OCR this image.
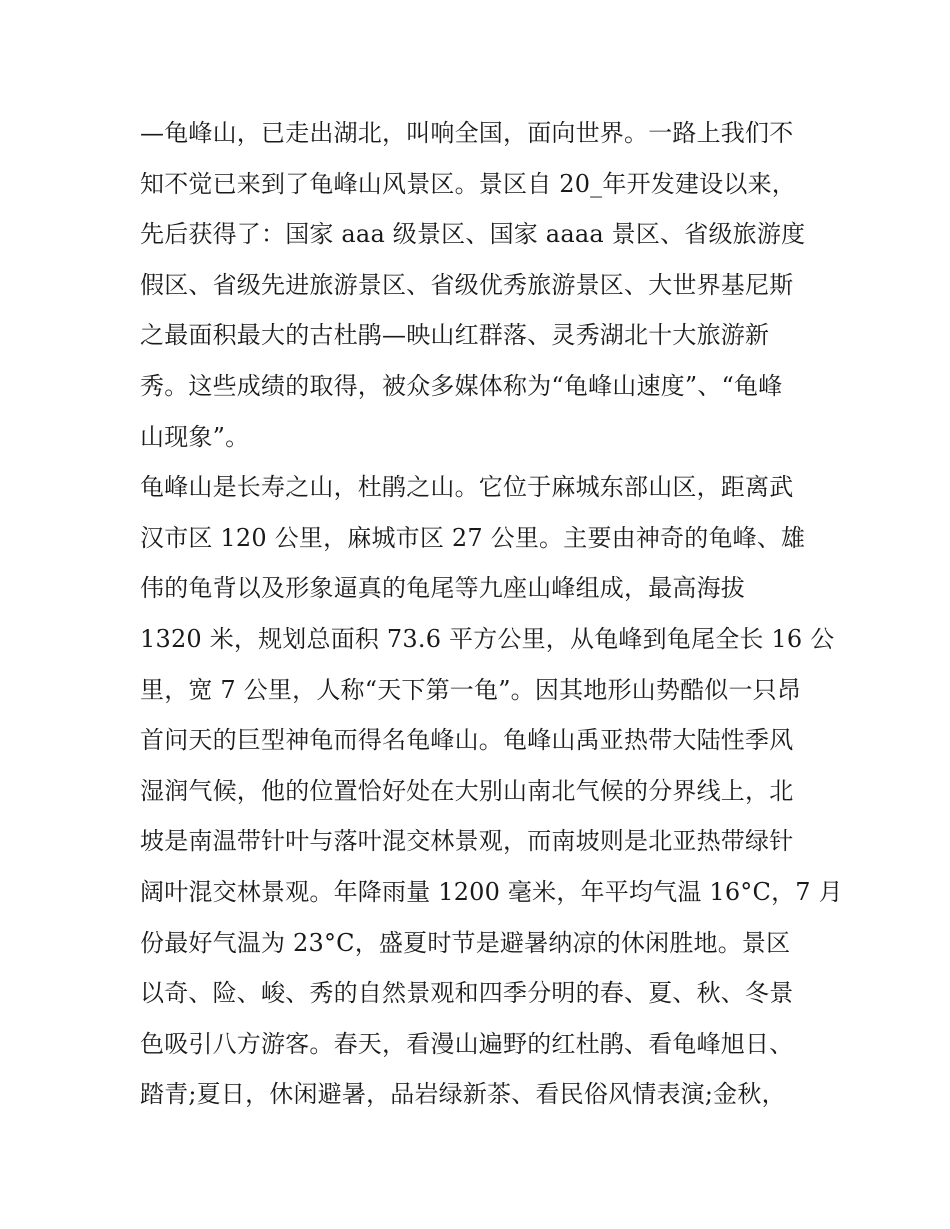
—龟峰山，已走出湖北，叫响全国，面向世界。一路上我们不
知不觉已来到了龟峰山风景区。景区自 20_年开发建设以来，
先后获得了：国家 aaa 级景区、国家 aaaa 景区、省级旅游度
假区、省级先进旅游景区、省级优秀旅游景区、大世界基尼斯
之最面积最大的古杜鹃—映山红群落、灵秀湖北十大旅游新
秀。这些成绩的取得，被众多媒体称为“龟峰山速度”、“龟峰
山现象”。
龟峰山是长寿之山，杜鹃之山。它位于麻城东部山区，距离武
汉市区 120 公里，麻城市区 27 公里。主要由神奇的龟峰、雄
伟的龟背以及形象逼真的龟尾等九座山峰组成，最高海拔
1320 米，规划总面积 73.6 平方公里，从龟峰到龟尾全长 16 公
里，宽 7 公里，人称“天下第一龟”。因其地形山势酷似一只昂
首问天的巨型神龟而得名龟峰山。龟峰山禹亚热带大陆性季风
湿润气候，他的位置恰好处在大别山南北气候的分界线上，北
坡是南温带针叶与落叶混交林景观，而南坡则是北亚热带绿针
阔叶混交林景观。年降雨量 1200 毫米，年平均气温 16°C，7 月
份最好气温为 23°C，盛夏时节是避暑纳凉的休闲胜地。景区
以奇、险、峻、秀的自然景观和四季分明的春、夏、秋、冬景
色吸引八方游客。春天，看漫山遍野的红杜鹃、看龟峰旭日、
踏青;夏日，休闲避暑，品岩绿新茶、看民俗风情表演;金秋，
